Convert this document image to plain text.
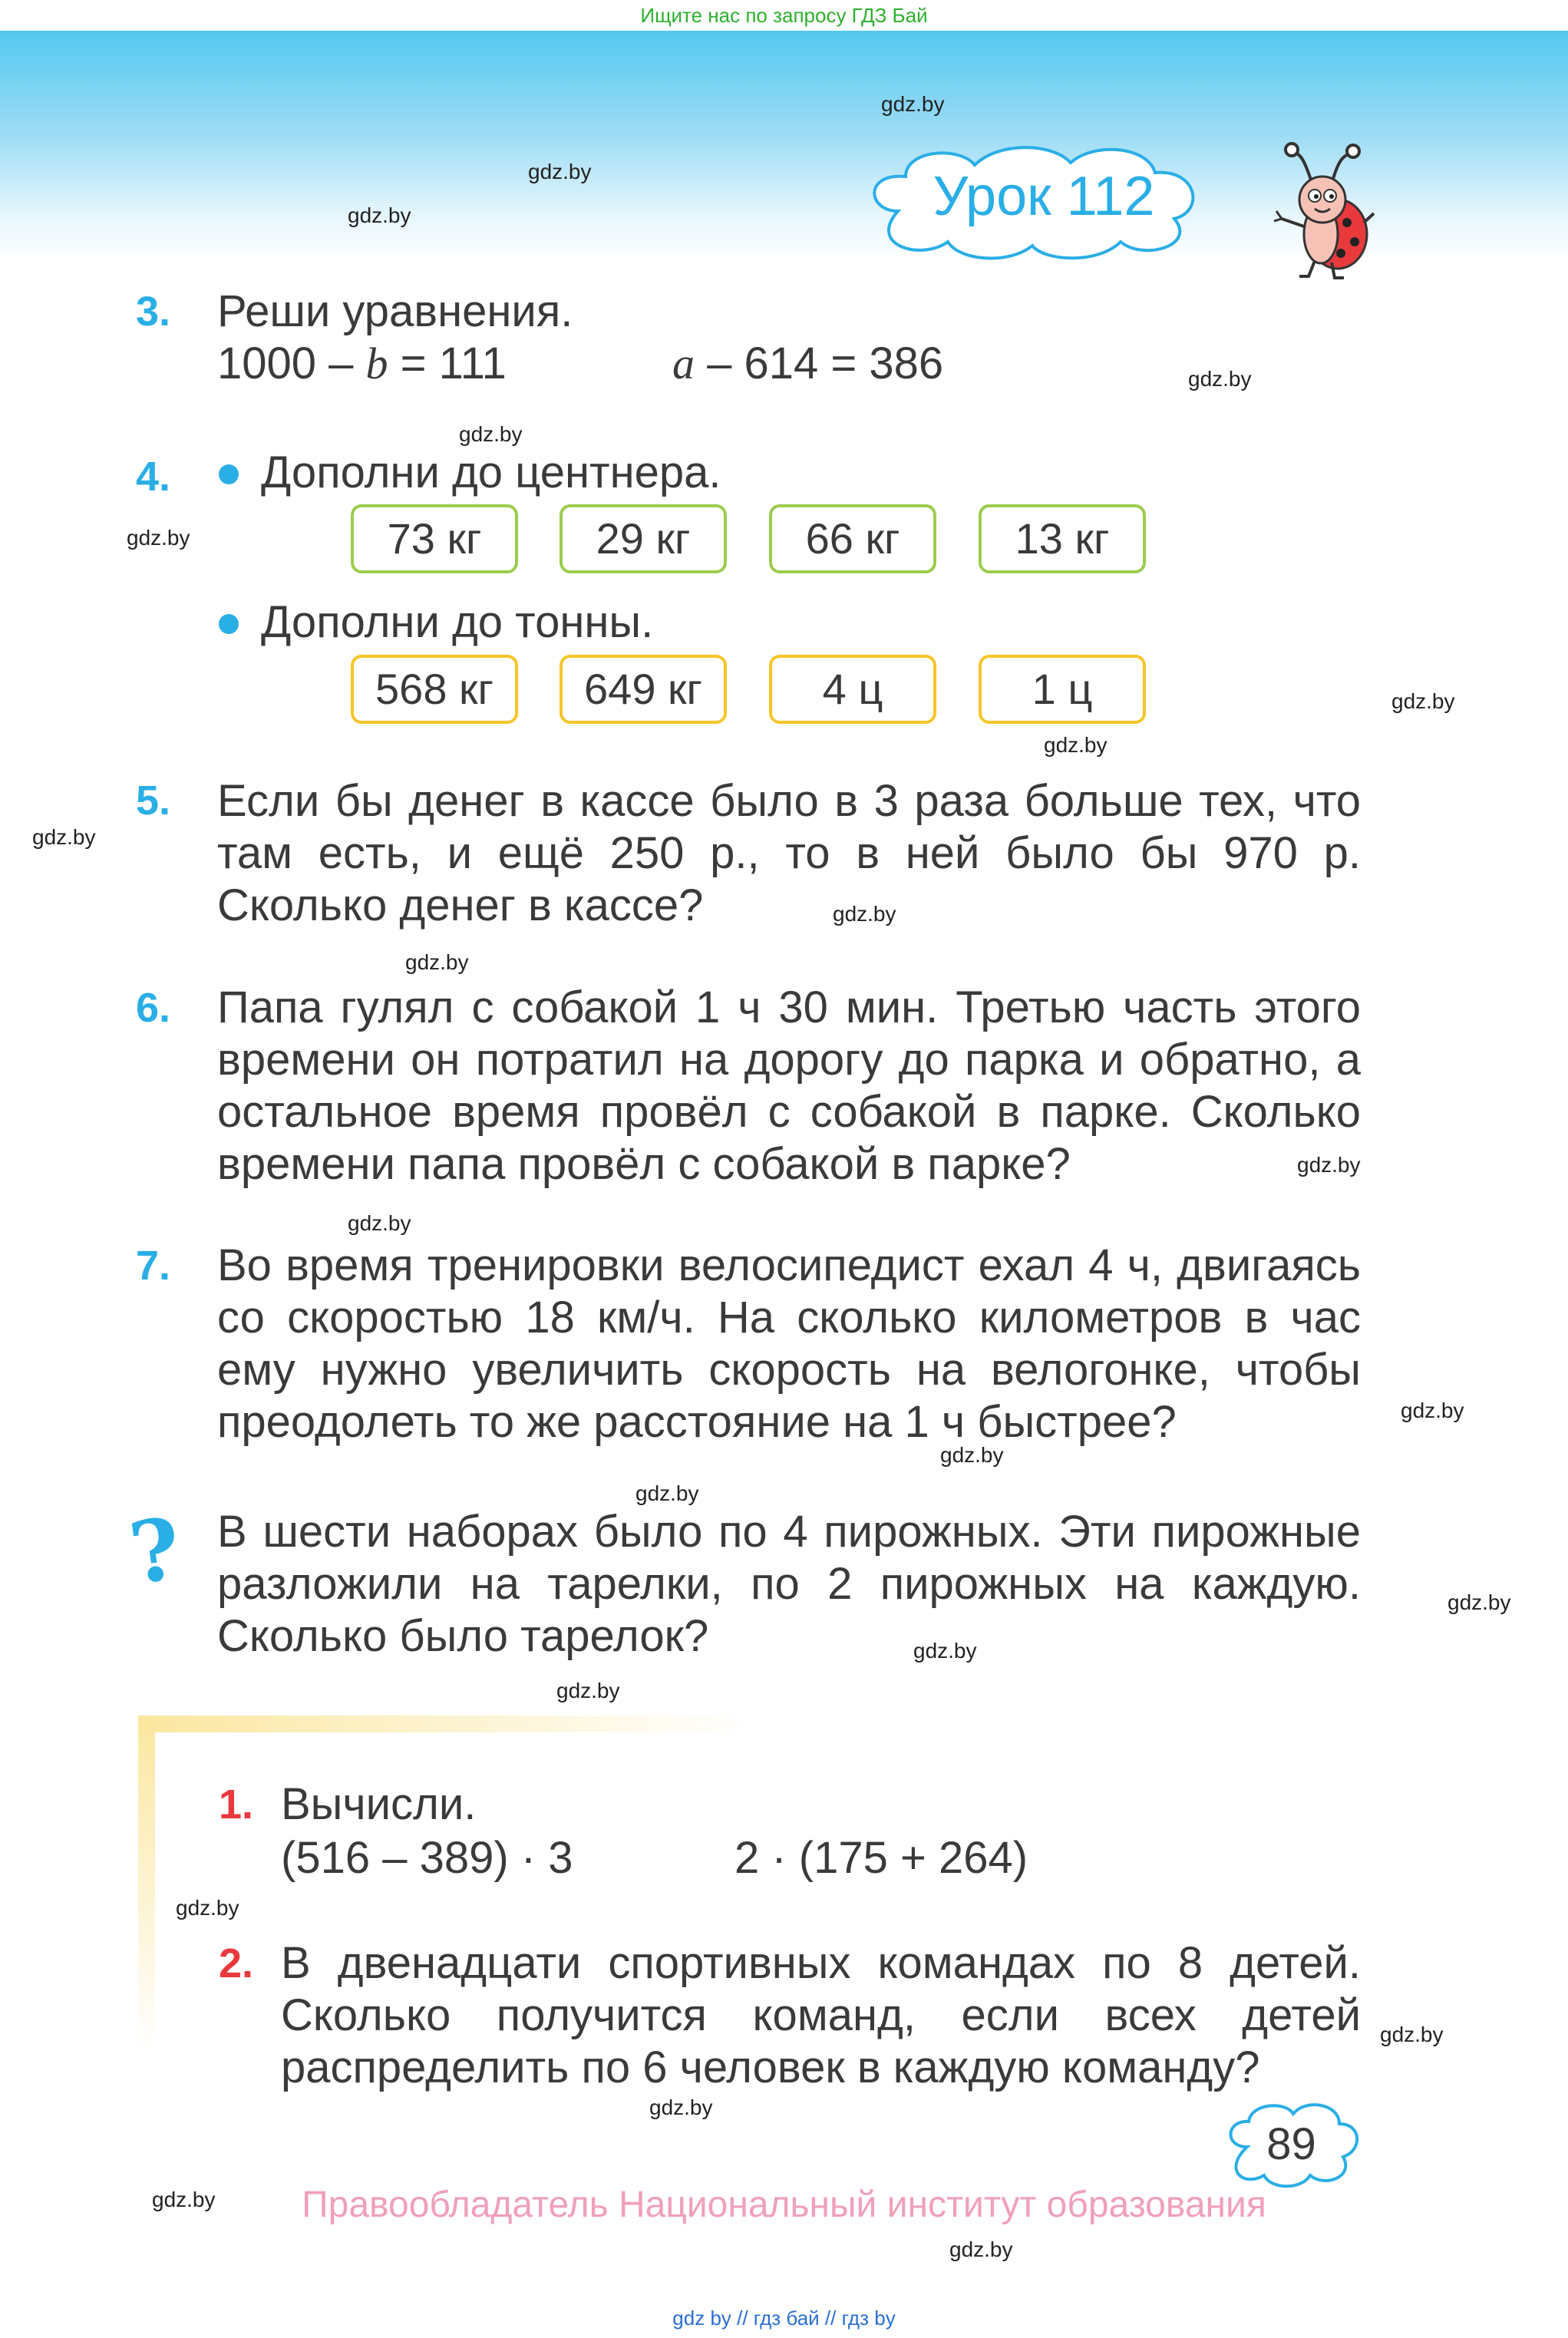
Ищите нас по запросу ГДЗ Бай
Урок 112
gdz.by
gdz.by
gdz.by
gdz.by
gdz.by
gdz.by
gdz.by
gdz.by
gdz.by
gdz.by
gdz.by
gdz.by
gdz.by
gdz.by
gdz.by
gdz.by
gdz.by
gdz.by
gdz.by
gdz.by
gdz.by
gdz.by
gdz.by
gdz.by
3. Реши уравнения.
1000 – b = 111	a – 614 = 386
4. Дополни до центнера.
73 кг	29 кг	66 кг	13 кг
Дополни до тонны.
568 кг	649 кг	4 ц	1 ц
5. Если бы денег в кассе было в 3 раза больше тех, что там есть, и ещё 250 р., то в ней было бы 970 р. Сколько денег в кассе?
6. Папа гулял с собакой 1 ч 30 мин. Третью часть этого времени он потратил на дорогу до парка и обратно, а остальное время провёл с собакой в парке. Сколько времени папа провёл с собакой в парке?
7. Во время тренировки велосипедист ехал 4 ч, двигаясь со скоростью 18 км/ч. На сколько километров в час ему нужно увеличить скорость на велогонке, чтобы преодолеть то же расстояние на 1 ч быстрее?
? В шести наборах было по 4 пирожных. Эти пирожные разложили на тарелки, по 2 пирожных на каждую. Сколько было тарелок?
1. Вычисли.
(516 – 389) · 3	2 · (175 + 264)
2. В двенадцати спортивных командах по 8 детей. Сколько получится команд, если всех детей распределить по 6 человек в каждую команду?
89
Правообладатель Национальный институт образования
gdz by // гдз бай // гдз by
